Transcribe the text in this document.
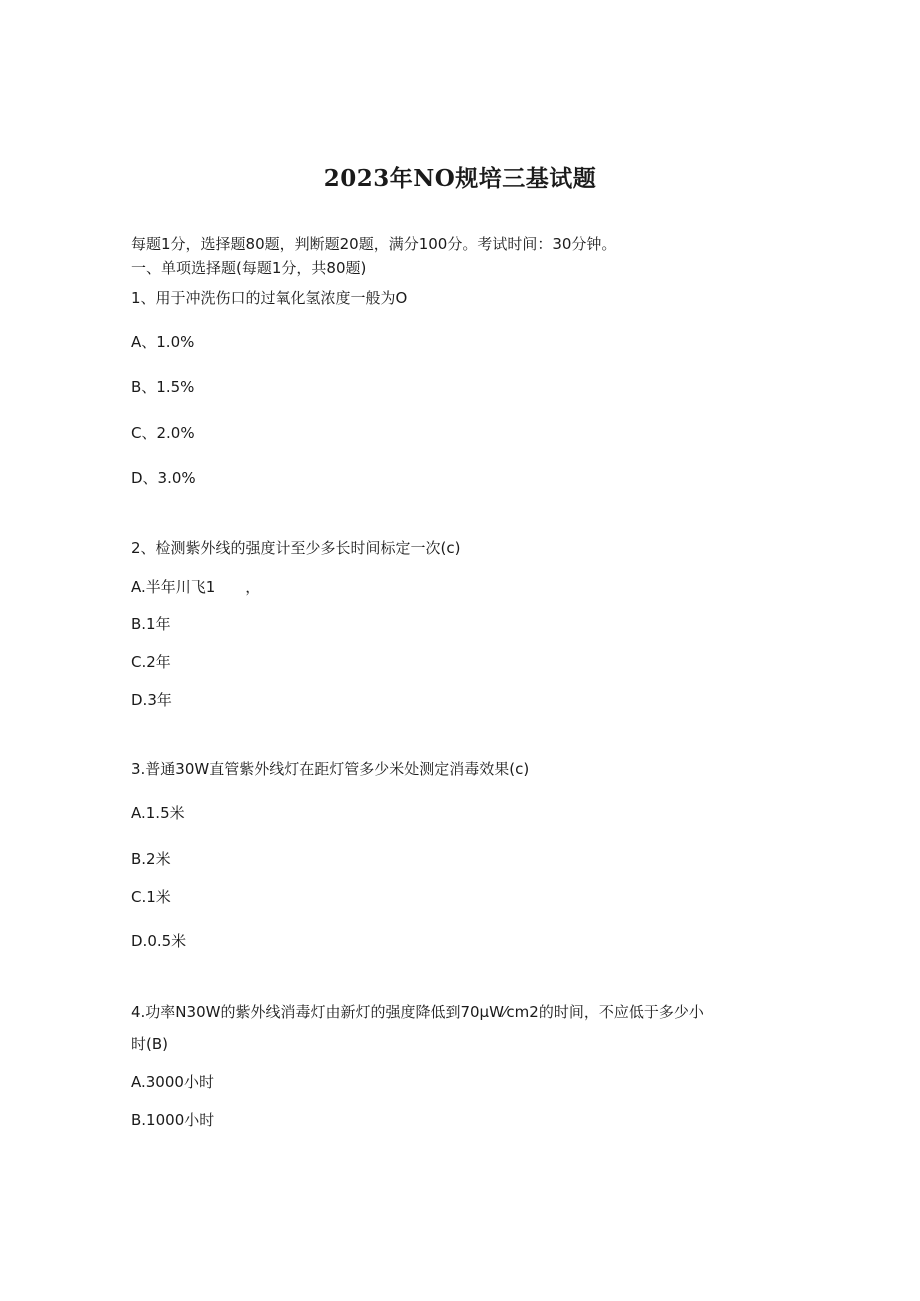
2023年NO规培三基试题
每题1分，选择题80题，判断题20题，满分100分。考试时间：30分钟。
一、单项选择题(每题1分，共80题)
1、用于冲洗伤口的过氧化氢浓度一般为O
A、1.0%
B、1.5%
C、2.0%
D、3.0%
2、检测紫外线的强度计至少多长时间标定一次(c)
A.半年川飞1　　，
B.1年
C.2年
D.3年
3.普通30W直管紫外线灯在距灯管多少米处测定消毒效果(c)
A.1.5米
B.2米
C.1米
D.0.5米
4.功率N30W的紫外线消毒灯由新灯的强度降低到70μW⁄cm2的时间，不应低于多少小
时(B)
A.3000小时
B.1000小时
